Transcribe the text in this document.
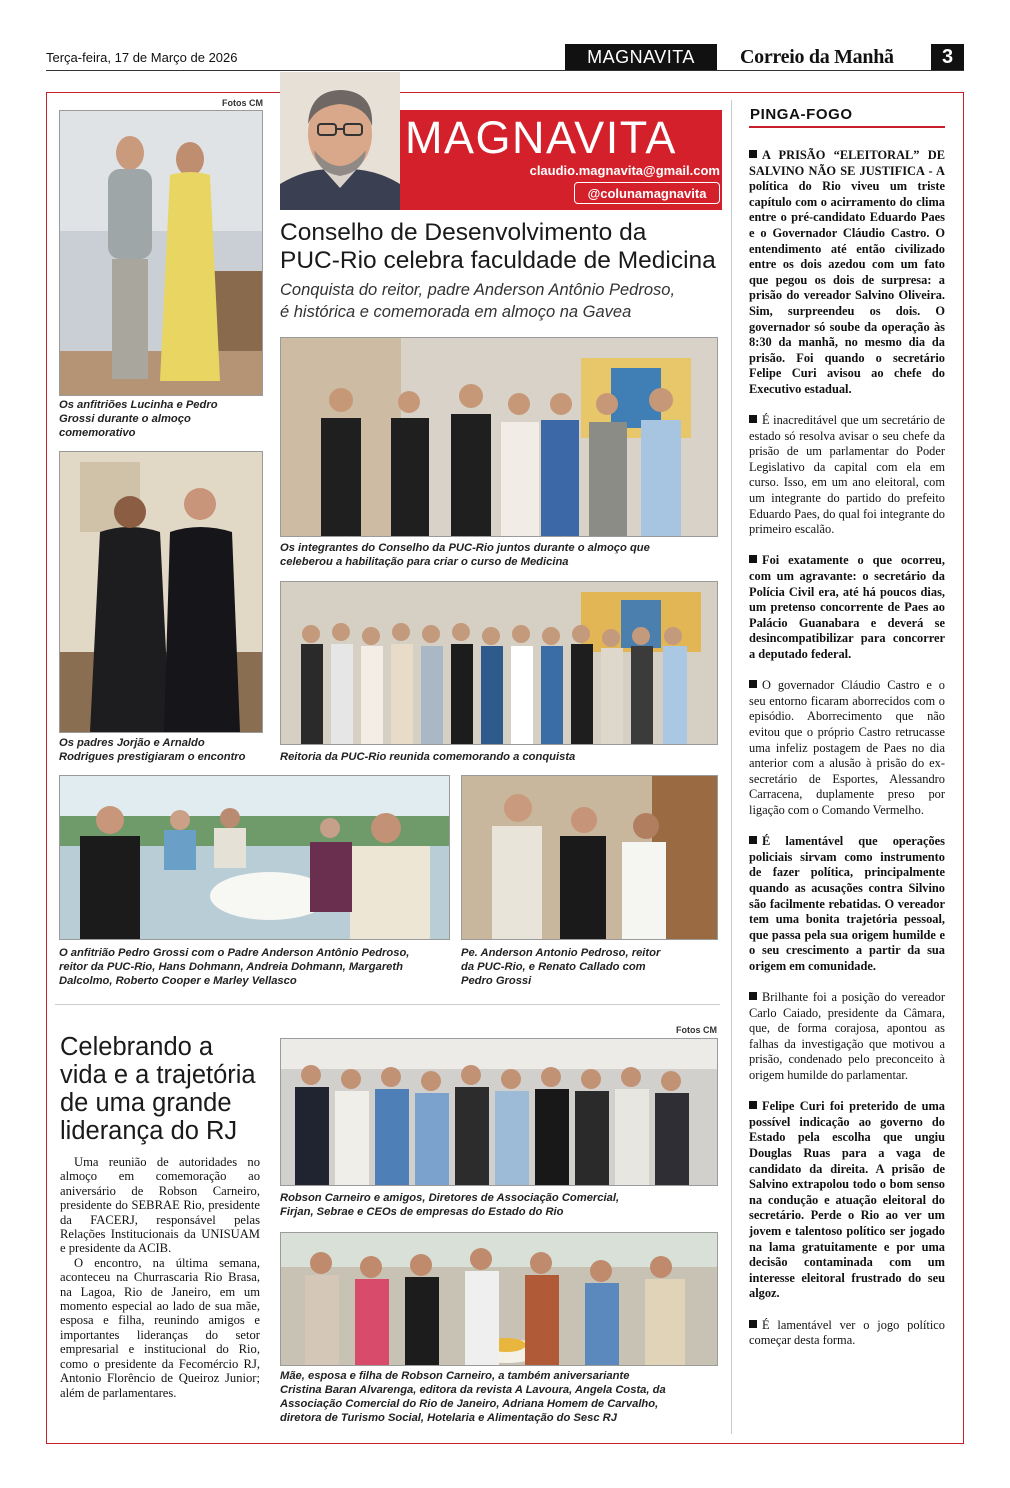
Terça-feira, 17 de Março de 2026	MAGNAVITA	Correio da Manhã	3
MAGNAVITA
claudio.magnavita@gmail.com
@colunamagnavita
Conselho de Desenvolvimento da
PUC-Rio celebra faculdade de Medicina
Conquista do reitor, padre Anderson Antônio Pedroso,
é histórica e comemorada em almoço na Gavea
Fotos CM
Os anfitriões Lucinha e Pedro
Grossi durante o almoço
comemorativo
Os integrantes do Conselho da PUC-Rio juntos durante o almoço que
celeberou a habilitação para criar o curso de Medicina
Os padres Jorjão e Arnaldo
Rodrigues prestigiaram o encontro	Reitoria da PUC-Rio reunida comemorando a conquista
O anfitrião Pedro Grossi com o Padre Anderson Antônio Pedroso,
reitor da PUC-Rio, Hans Dohmann, Andreia Dohmann, Margareth
Dalcolmo, Roberto Cooper e Marley Vellasco
Pe. Anderson Antonio Pedroso, reitor
da PUC-Rio, e Renato Callado com
Pedro Grossi
Celebrando a
vida e a trajetória
de uma grande
liderança do RJ

Uma reunião de autoridades no almoço em comemoração ao aniversário de Robson Carneiro, presidente do SEBRAE Rio, presidente da FACERJ, responsável pelas Relações Institucionais da UNISUAM e presidente da ACIB.

O encontro, na última semana, aconteceu na Churrascaria Rio Brasa, na Lagoa, Rio de Janeiro, em um momento especial ao lado de sua mãe, esposa e filha, reunindo amigos e importantes lideranças do setor empresarial e institucional do Rio, como o presidente da Fecomércio RJ, Antonio Florêncio de Queiroz Junior; além de parlamentares.

Fotos CM
Robson Carneiro e amigos, Diretores de Associação Comercial,
Firjan, Sebrae e CEOs de empresas do Estado do Rio
Mãe, esposa e filha de Robson Carneiro, a também aniversariante
Cristina Baran Alvarenga, editora da revista A Lavoura, Angela Costa, da
Associação Comercial do Rio de Janeiro, Adriana Homem de Carvalho,
diretora de Turismo Social, Hotelaria e Alimentação do Sesc RJ
PINGA-FOGO

A PRISÃO “ELEITORAL” DE SALVINO NÃO SE JUSTIFICA - A política do Rio viveu um triste capítulo com o acirramento do clima entre o pré-candidato Eduardo Paes e o Governador Cláudio Castro. O entendimento até então civilizado entre os dois azedou com um fato que pegou os dois de surpresa: a prisão do vereador Salvino Oliveira. Sim, surpreendeu os dois. O governador só soube da operação às 8:30 da manhã, no mesmo dia da prisão. Foi quando o secretário Felipe Curi avisou ao chefe do Executivo estadual.

É inacreditável que um secretário de estado só resolva avisar o seu chefe da prisão de um parlamentar do Poder Legislativo da capital com ela em curso. Isso, em um ano eleitoral, com um integrante do partido do prefeito Eduardo Paes, do qual foi integrante do primeiro escalão.

Foi exatamente o que ocorreu, com um agravante: o secretário da Polícia Civil era, até há poucos dias, um pretenso concorrente de Paes ao Palácio Guanabara e deverá se desincompatibilizar para concorrer a deputado federal.

O governador Cláudio Castro e o seu entorno ficaram aborrecidos com o episódio. Aborrecimento que não evitou que o próprio Castro retrucasse uma infeliz postagem de Paes no dia anterior com a alusão à prisão do ex-secretário de Esportes, Alessandro Carracena, duplamente preso por ligação com o Comando Vermelho.

É lamentável que operações policiais sirvam como instrumento de fazer política, principalmente quando as acusações contra Silvino são facilmente rebatidas. O vereador tem uma bonita trajetória pessoal, que passa pela sua origem humilde e o seu crescimento a partir da sua origem em comunidade.

Brilhante foi a posição do vereador Carlo Caiado, presidente da Câmara, que, de forma corajosa, apontou as falhas da investigação que motivou a prisão, condenado pelo preconceito à origem humilde do parlamentar.

Felipe Curi foi preterido de uma possível indicação ao governo do Estado pela escolha que ungiu Douglas Ruas para a vaga de candidato da direita. A prisão de Salvino extrapolou todo o bom senso na condução e atuação eleitoral do secretário. Perde o Rio ao ver um jovem e talentoso político ser jogado na lama gratuitamente e por uma decisão contaminada com um interesse eleitoral frustrado do seu algoz.

É lamentável ver o jogo político começar desta forma.
